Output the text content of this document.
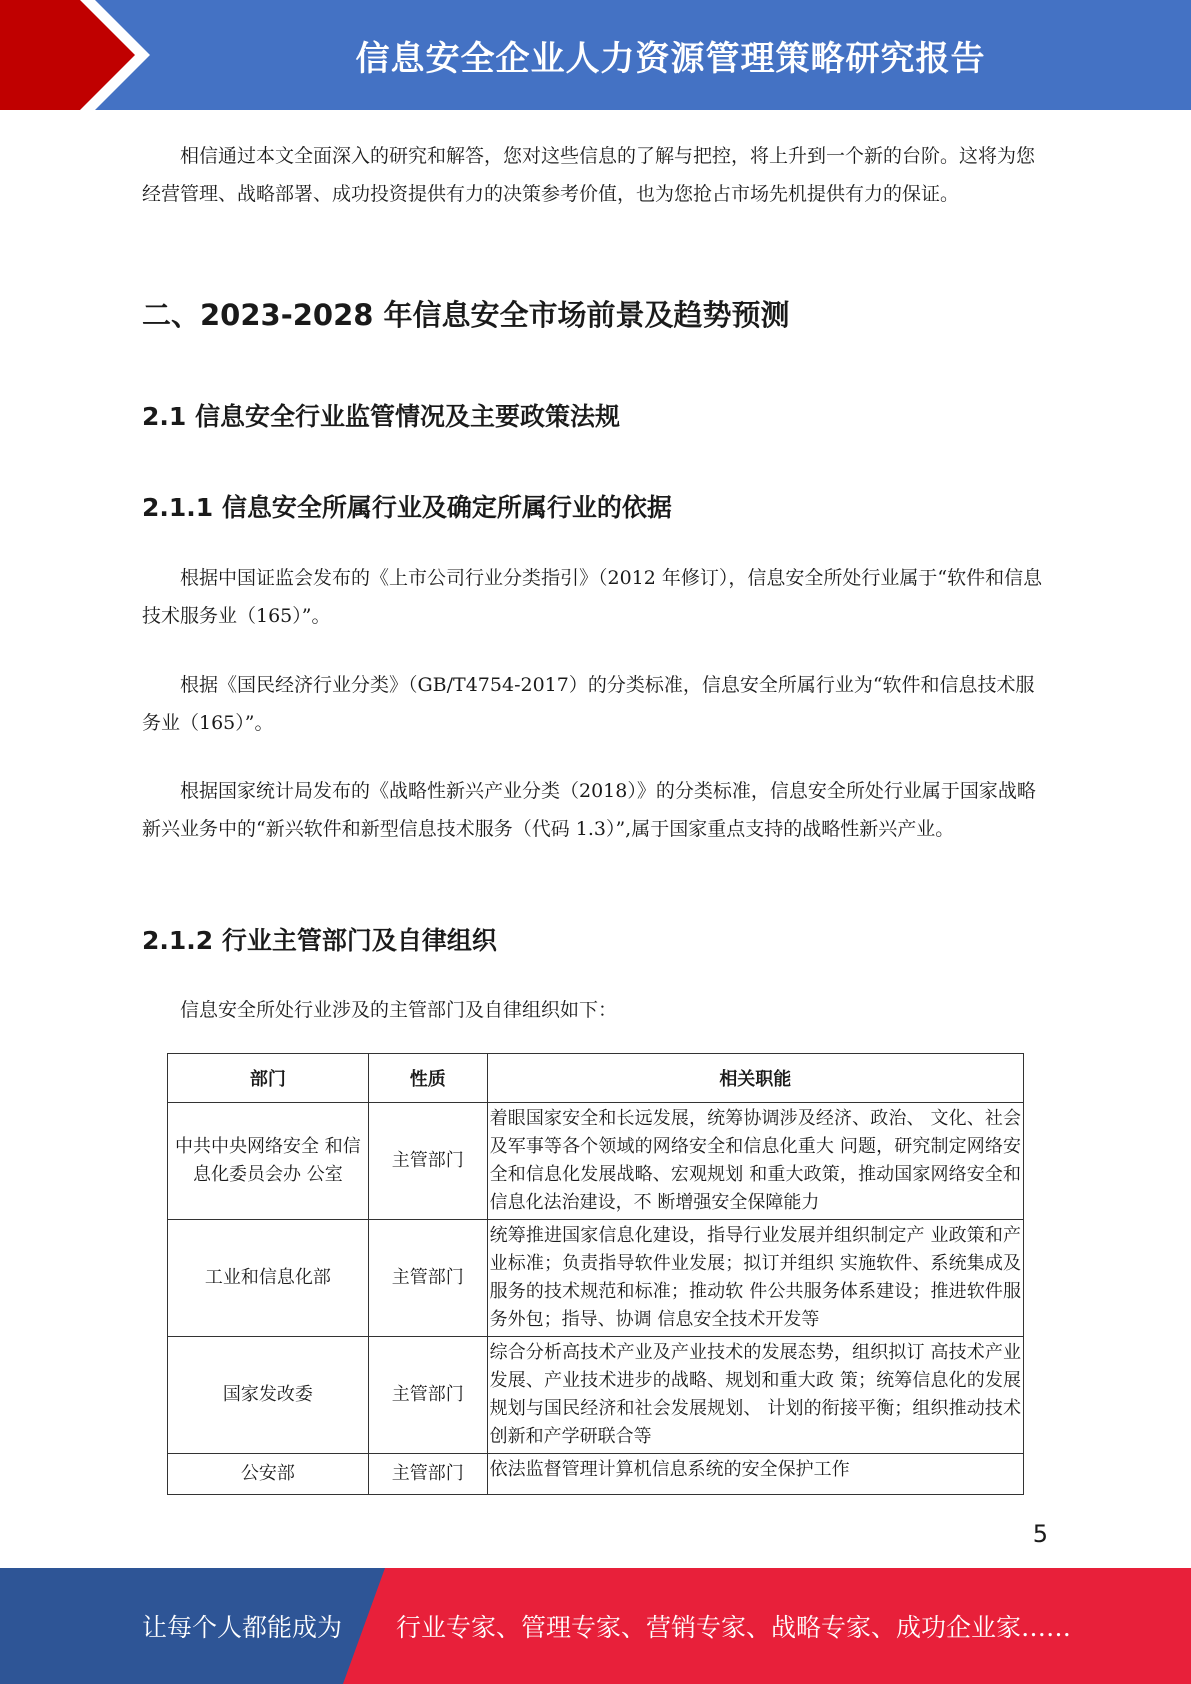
信息安全企业人力资源管理策略研究报告

相信通过本文全面深入的研究和解答，您对这些信息的了解与把控，将上升到一个新的台阶。这将为您经营管理、战略部署、成功投资提供有力的决策参考价值，也为您抢占市场先机提供有力的保证。

二、2023-2028 年信息安全市场前景及趋势预测
2.1 信息安全行业监管情况及主要政策法规
2.1.1 信息安全所属行业及确定所属行业的依据

根据中国证监会发布的《上市公司行业分类指引》（2012 年修订），信息安全所处行业属于“软件和信息技术服务业（165）”。

根据《国民经济行业分类》（GB/T4754-2017）的分类标准，信息安全所属行业为“软件和信息技术服务业（165）”。

根据国家统计局发布的《战略性新兴产业分类（2018）》的分类标准，信息安全所处行业属于国家战略新兴业务中的“新兴软件和新型信息技术服务（代码 1.3）”,属于国家重点支持的战略性新兴产业。

2.1.2 行业主管部门及自律组织

信息安全所处行业涉及的主管部门及自律组织如下：

部门	性质	相关职能
中共中央网络安全 和信息化委员会办 公室	主管部门	着眼国家安全和长远发展，统筹协调涉及经济、政治、 文化、社会及军事等各个领域的网络安全和信息化重大 问题，研究制定网络安全和信息化发展战略、宏观规划 和重大政策，推动国家网络安全和信息化法治建设，不 断增强安全保障能力
工业和信息化部	主管部门	统筹推进国家信息化建设，指导行业发展并组织制定产 业政策和产业标准；负责指导软件业发展；拟订并组织 实施软件、系统集成及服务的技术规范和标准；推动软 件公共服务体系建设；推进软件服务外包；指导、协调 信息安全技术开发等
国家发改委	主管部门	综合分析高技术产业及产业技术的发展态势，组织拟订 高技术产业发展、产业技术进步的战略、规划和重大政 策；统筹信息化的发展规划与国民经济和社会发展规划、 计划的衔接平衡；组织推动技术创新和产学研联合等
公安部	主管部门	依法监督管理计算机信息系统的安全保护工作
5
让每个人都能成为 行业专家、管理专家、营销专家、战略专家、成功企业家……
